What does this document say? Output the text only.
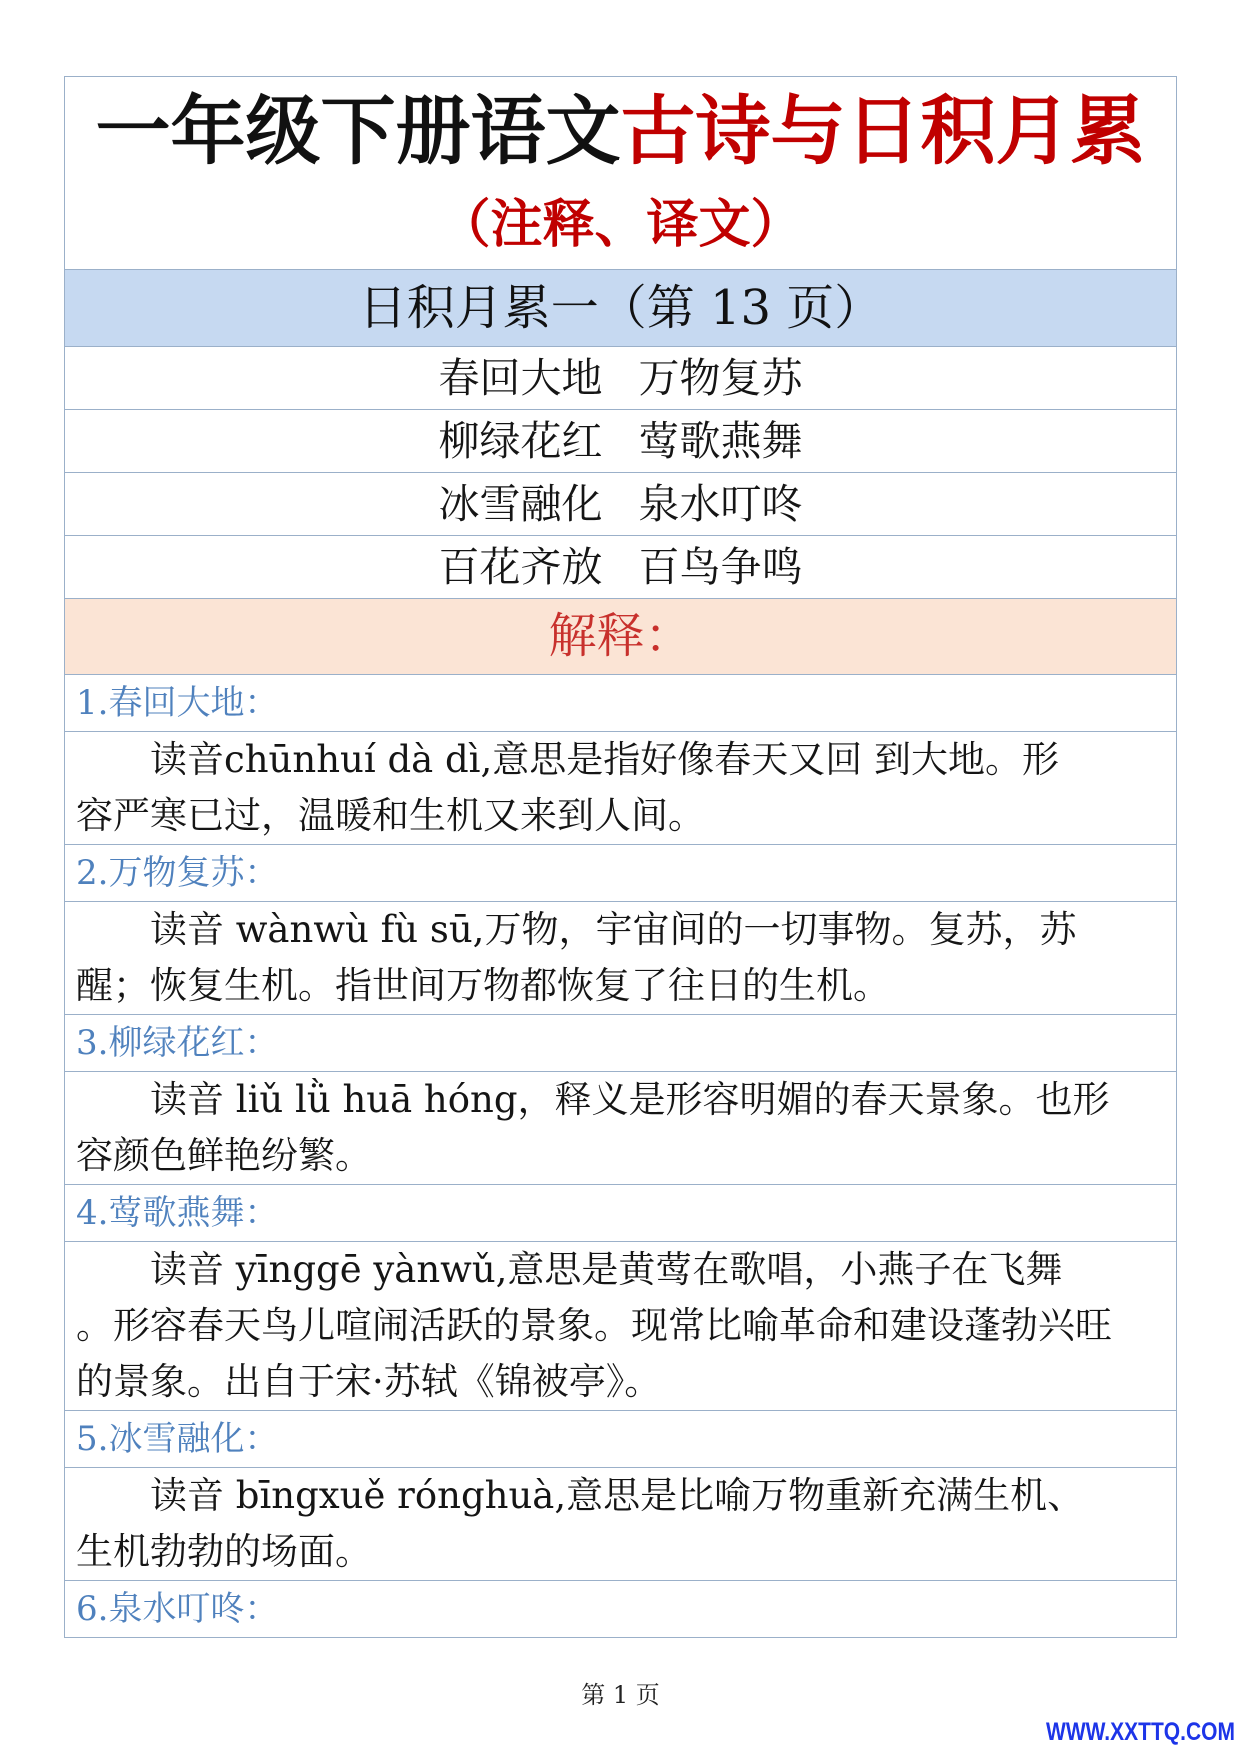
一年级下册语文古诗与日积月累
（注释、译文）
日积月累一（第 13 页）
春回大地 万物复苏
柳绿花红 莺歌燕舞
冰雪融化 泉水叮咚
百花齐放 百鸟争鸣
解释：
1.春回大地：
读音chūnhuí dà dì,意思是指好像春天又回 到大地。形
容严寒已过，温暖和生机又来到人间。
2.万物复苏：
读音 wànwù fù sū,万物，宇宙间的一切事物。复苏，苏
醒；恢复生机。指世间万物都恢复了往日的生机。
3.柳绿花红：
读音 liǔ lǜ huā hóng，释义是形容明媚的春天景象。也形
容颜色鲜艳纷繁。
4.莺歌燕舞：
读音 yīnggē yànwǔ,意思是黄莺在歌唱，小燕子在飞舞
。形容春天鸟儿喧闹活跃的景象。现常比喻革命和建设蓬勃兴旺
的景象。出自于宋·苏轼《锦被亭》。
5.冰雪融化：
读音 bīngxuě rónghuà,意思是比喻万物重新充满生机、
生机勃勃的场面。
6.泉水叮咚：
第 1 页
WWW.XXTTQ.COM
